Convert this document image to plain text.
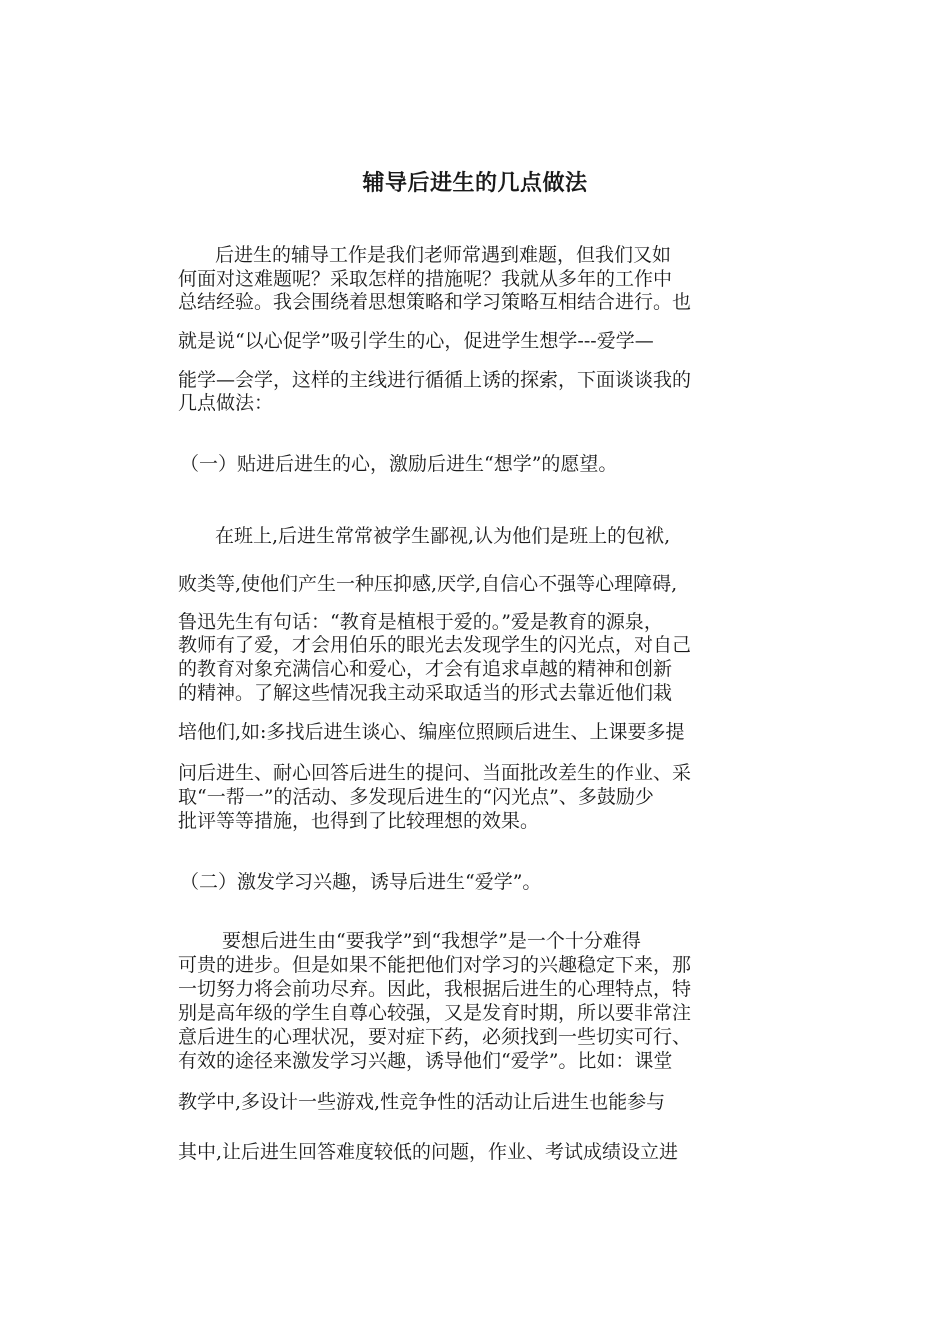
辅导后进生的几点做法
后进生的辅导工作是我们老师常遇到难题，但我们又如
何面对这难题呢？采取怎样的措施呢？我就从多年的工作中
总结经验。我会围绕着思想策略和学习策略互相结合进行。也
就是说“以心促学”吸引学生的心，促进学生想学---爱学—
能学—会学，这样的主线进行循循上诱的探索，下面谈谈我的
几点做法：
（一）贴进后进生的心，激励后进生“想学”的愿望。
在班上,后进生常常被学生鄙视,认为他们是班上的包袱,
败类等,使他们产生一种压抑感,厌学,自信心不强等心理障碍,
鲁迅先生有句话：“教育是植根于爱的。”爱是教育的源泉，
教师有了爱，才会用伯乐的眼光去发现学生的闪光点，对自己
的教育对象充满信心和爱心，才会有追求卓越的精神和创新
的精神。了解这些情况我主动采取适当的形式去靠近他们栽
培他们,如:多找后进生谈心、编座位照顾后进生、上课要多提
问后进生、耐心回答后进生的提问、当面批改差生的作业、采
取“一帮一”的活动、多发现后进生的“闪光点”、多鼓励少
批评等等措施，也得到了比较理想的效果。
（二）激发学习兴趣，诱导后进生“爱学”。
要想后进生由“要我学”到“我想学”是一个十分难得
可贵的进步。但是如果不能把他们对学习的兴趣稳定下来，那
一切努力将会前功尽弃。因此，我根据后进生的心理特点，特
别是高年级的学生自尊心较强，又是发育时期，所以要非常注
意后进生的心理状况，要对症下药，必须找到一些切实可行、
有效的途径来激发学习兴趣，诱导他们“爱学”。比如：课堂
教学中,多设计一些游戏,性竞争性的活动让后进生也能参与
其中,让后进生回答难度较低的问题，作业、考试成绩设立进
